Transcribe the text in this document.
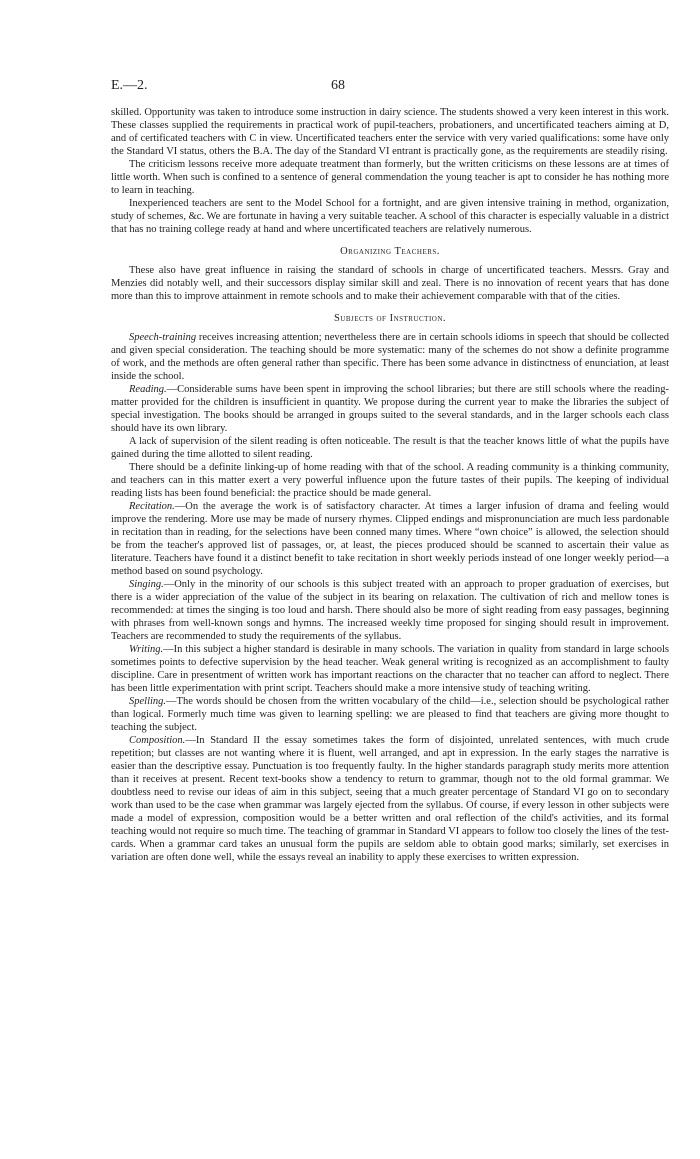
E.—2.	68

skilled. Opportunity was taken to introduce some instruction in dairy science. The students showed a very keen interest in this work. These classes supplied the requirements in practical work of pupil-teachers, probationers, and uncertificated teachers aiming at D, and of certificated teachers with C in view. Uncertificated teachers enter the service with very varied qualifications: some have only the Standard VI status, others the B.A. The day of the Standard VI entrant is practically gone, as the requirements are steadily rising.

The criticism lessons receive more adequate treatment than formerly, but the written criticisms on these lessons are at times of little worth. When such is confined to a sentence of general commendation the young teacher is apt to consider he has nothing more to learn in teaching.

Inexperienced teachers are sent to the Model School for a fortnight, and are given intensive training in method, organization, study of schemes, &c. We are fortunate in having a very suitable teacher. A school of this character is especially valuable in a district that has no training college ready at hand and where uncertificated teachers are relatively numerous.

Organizing Teachers.

These also have great influence in raising the standard of schools in charge of uncertificated teachers. Messrs. Gray and Menzies did notably well, and their successors display similar skill and zeal. There is no innovation of recent years that has done more than this to improve attainment in remote schools and to make their achievement comparable with that of the cities.

Subjects of Instruction.

Speech-training receives increasing attention; nevertheless there are in certain schools idioms in speech that should be collected and given special consideration. The teaching should be more systematic: many of the schemes do not show a definite programme of work, and the methods are often general rather than specific. There has been some advance in distinctness of enunciation, at least inside the school.

Reading.—Considerable sums have been spent in improving the school libraries; but there are still schools where the reading-matter provided for the children is insufficient in quantity. We propose during the current year to make the libraries the subject of special investigation. The books should be arranged in groups suited to the several standards, and in the larger schools each class should have its own library.

A lack of supervision of the silent reading is often noticeable. The result is that the teacher knows little of what the pupils have gained during the time allotted to silent reading.

There should be a definite linking-up of home reading with that of the school. A reading community is a thinking community, and teachers can in this matter exert a very powerful influence upon the future tastes of their pupils. The keeping of individual reading lists has been found beneficial: the practice should be made general.

Recitation.—On the average the work is of satisfactory character. At times a larger infusion of drama and feeling would improve the rendering. More use may be made of nursery rhymes. Clipped endings and mispronunciation are much less pardonable in recitation than in reading, for the selections have been conned many times. Where “own choice” is allowed, the selection should be from the teacher's approved list of passages, or, at least, the pieces produced should be scanned to ascertain their value as literature. Teachers have found it a distinct benefit to take recitation in short weekly periods instead of one longer weekly period—a method based on sound psychology.

Singing.—Only in the minority of our schools is this subject treated with an approach to proper graduation of exercises, but there is a wider appreciation of the value of the subject in its bearing on relaxation. The cultivation of rich and mellow tones is recommended: at times the singing is too loud and harsh. There should also be more of sight reading from easy passages, beginning with phrases from well-known songs and hymns. The increased weekly time proposed for singing should result in improvement. Teachers are recommended to study the requirements of the syllabus.

Writing.—In this subject a higher standard is desirable in many schools. The variation in quality from standard in large schools sometimes points to defective supervision by the head teacher. Weak general writing is recognized as an accomplishment to faulty discipline. Care in presentment of written work has important reactions on the character that no teacher can afford to neglect. There has been little experimentation with print script. Teachers should make a more intensive study of teaching writing.

Spelling.—The words should be chosen from the written vocabulary of the child—i.e., selection should be psychological rather than logical. Formerly much time was given to learning spelling: we are pleased to find that teachers are giving more thought to teaching the subject.

Composition.—In Standard II the essay sometimes takes the form of disjointed, unrelated sentences, with much crude repetition; but classes are not wanting where it is fluent, well arranged, and apt in expression. In the early stages the narrative is easier than the descriptive essay. Punctuation is too frequently faulty. In the higher standards paragraph study merits more attention than it receives at present. Recent text-books show a tendency to return to grammar, though not to the old formal grammar. We doubtless need to revise our ideas of aim in this subject, seeing that a much greater percentage of Standard VI go on to secondary work than used to be the case when grammar was largely ejected from the syllabus. Of course, if every lesson in other subjects were made a model of expression, composition would be a better written and oral reflection of the child's activities, and its formal teaching would not require so much time. The teaching of grammar in Standard VI appears to follow too closely the lines of the test-cards. When a grammar card takes an unusual form the pupils are seldom able to obtain good marks; similarly, set exercises in variation are often done well, while the essays reveal an inability to apply these exercises to written expression.
